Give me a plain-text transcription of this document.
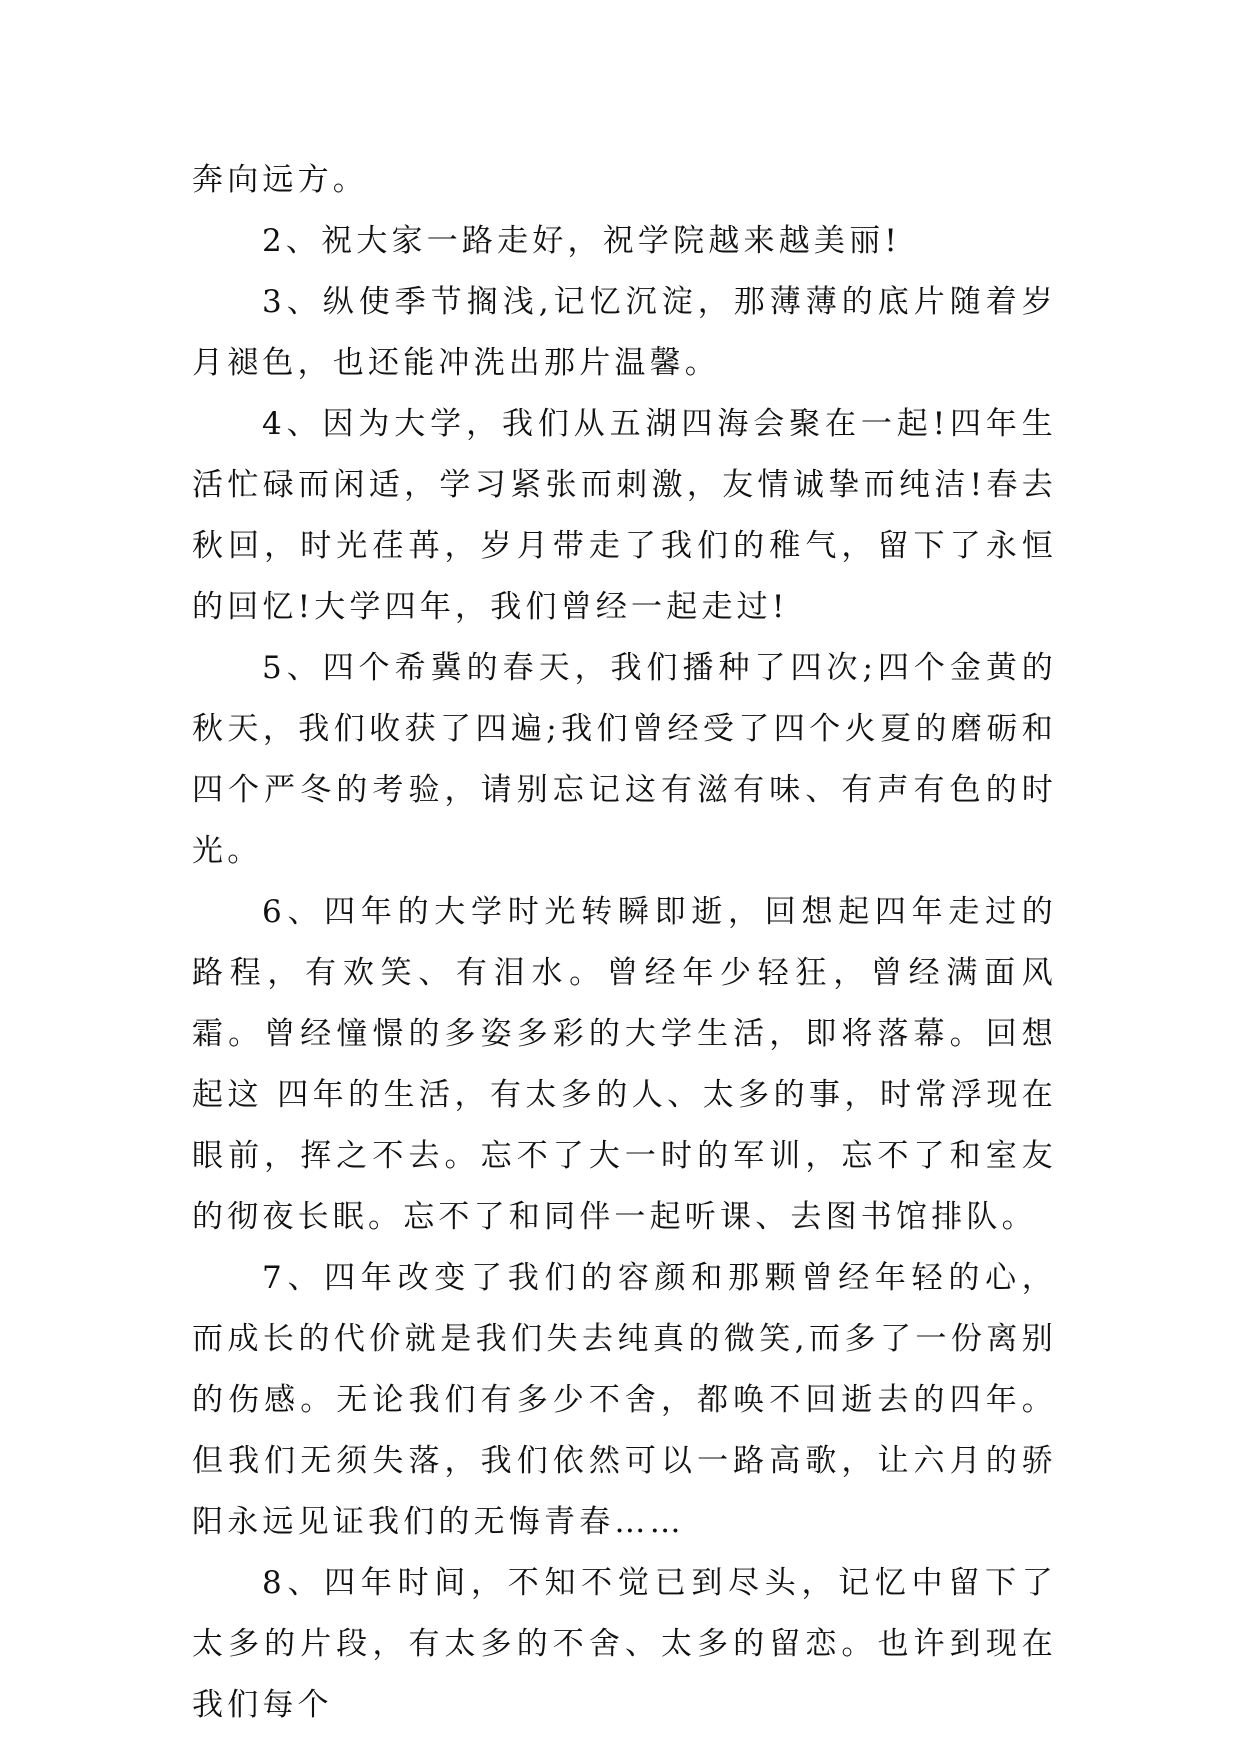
奔向远方。

2、祝大家一路走好，祝学院越来越美丽!

3、纵使季节搁浅,记忆沉淀，那薄薄的底片随着岁月褪色，也还能冲洗出那片温馨。

4、因为大学，我们从五湖四海会聚在一起!四年生活忙碌而闲适，学习紧张而刺激，友情诚挚而纯洁!春去秋回，时光荏苒，岁月带走了我们的稚气，留下了永恒的回忆!大学四年，我们曾经一起走过!

5、四个希冀的春天，我们播种了四次;四个金黄的秋天，我们收获了四遍;我们曾经受了四个火夏的磨砺和四个严冬的考验，请别忘记这有滋有味、有声有色的时光。

6、四年的大学时光转瞬即逝，回想起四年走过的路程，有欢笑、有泪水。曾经年少轻狂，曾经满面风霜。曾经憧憬的多姿多彩的大学生活，即将落幕。回想起这 四年的生活，有太多的人、太多的事，时常浮现在眼前，挥之不去。忘不了大一时的军训，忘不了和室友的彻夜长眠。忘不了和同伴一起听课、去图书馆排队。

7、四年改变了我们的容颜和那颗曾经年轻的心，而成长的代价就是我们失去纯真的微笑,而多了一份离别的伤感。无论我们有多少不舍，都唤不回逝去的四年。但我们无须失落，我们依然可以一路高歌，让六月的骄阳永远见证我们的无悔青春……

8、四年时间，不知不觉已到尽头，记忆中留下了太多的片段，有太多的不舍、太多的留恋。也许到现在我们每个
